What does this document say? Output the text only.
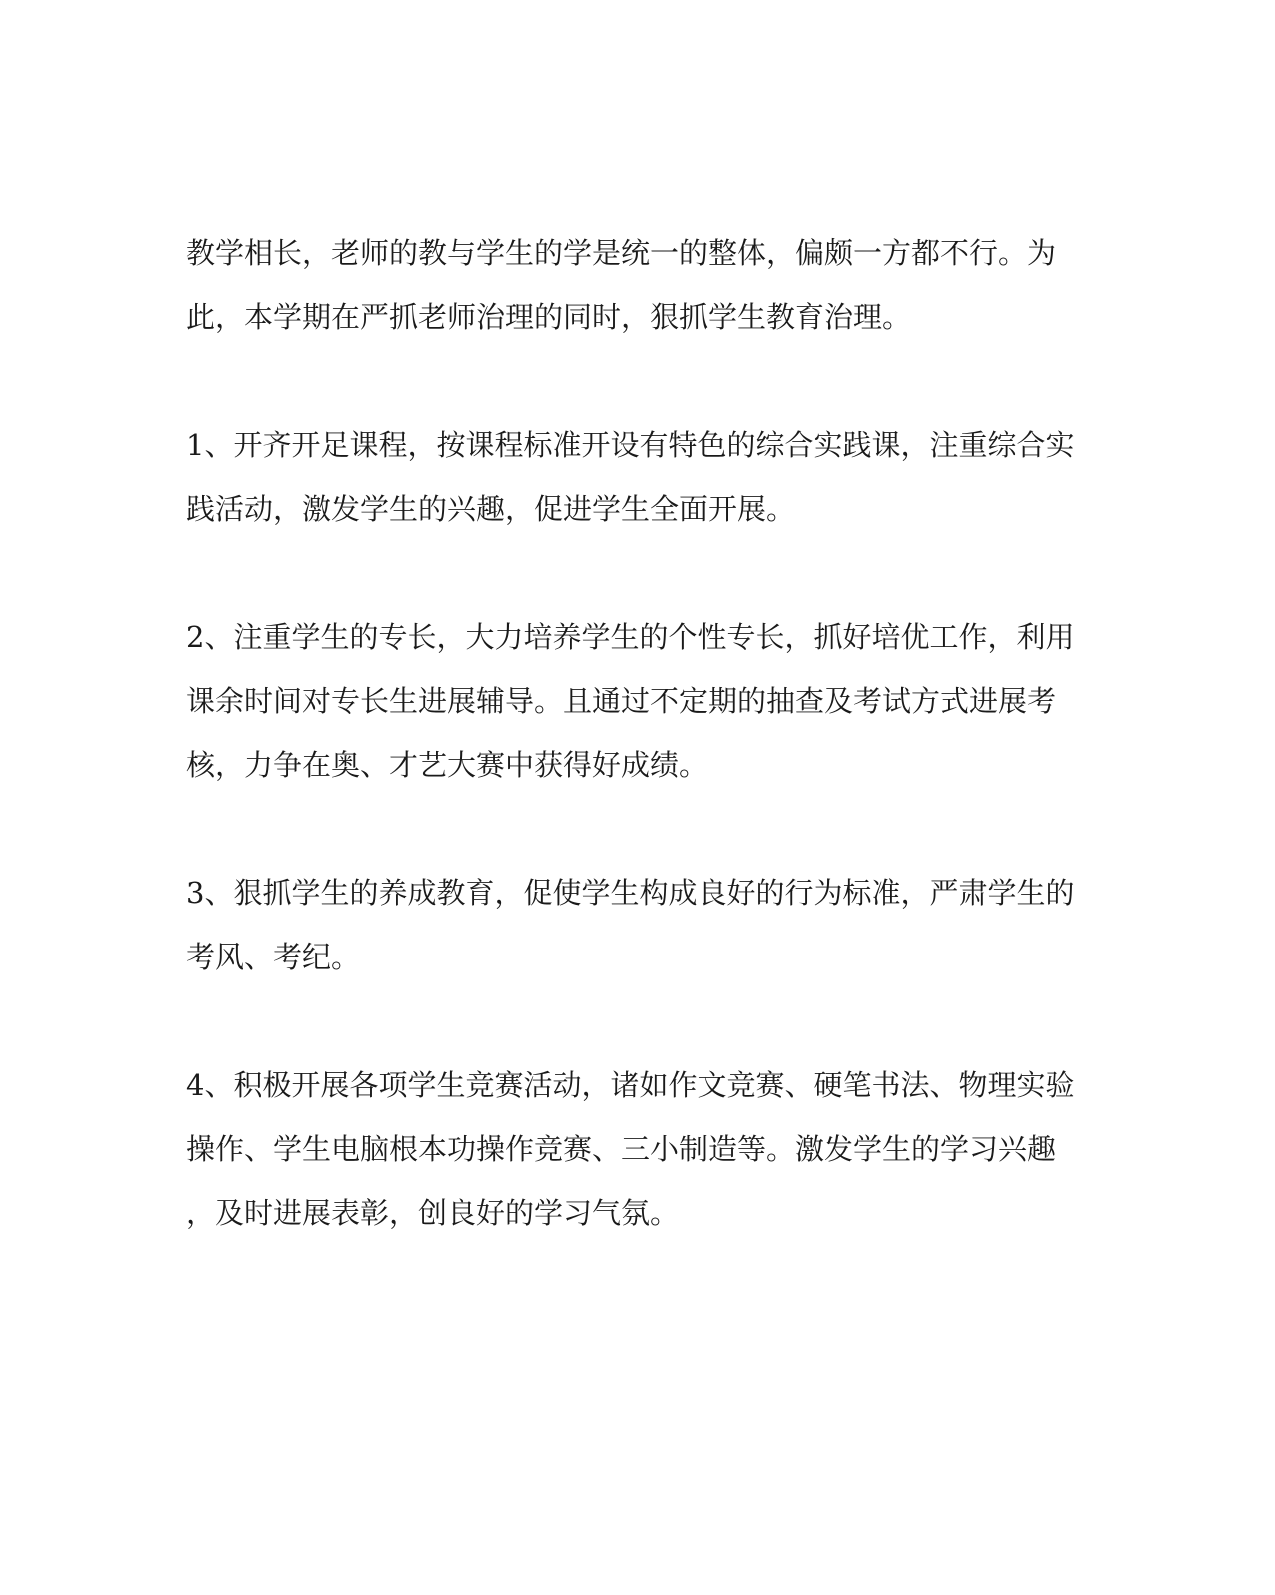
教学相长，老师的教与学生的学是统一的整体，偏颇一方都不行。为
此，本学期在严抓老师治理的同时，狠抓学生教育治理。
1、开齐开足课程，按课程标准开设有特色的综合实践课，注重综合实
践活动，激发学生的兴趣，促进学生全面开展。
2、注重学生的专长，大力培养学生的个性专长，抓好培优工作，利用
课余时间对专长生进展辅导。且通过不定期的抽查及考试方式进展考
核，力争在奥、才艺大赛中获得好成绩。
3、狠抓学生的养成教育，促使学生构成良好的行为标准，严肃学生的
考风、考纪。
4、积极开展各项学生竞赛活动，诸如作文竞赛、硬笔书法、物理实验
操作、学生电脑根本功操作竞赛、三小制造等。激发学生的学习兴趣
，及时进展表彰，创良好的学习气氛。
